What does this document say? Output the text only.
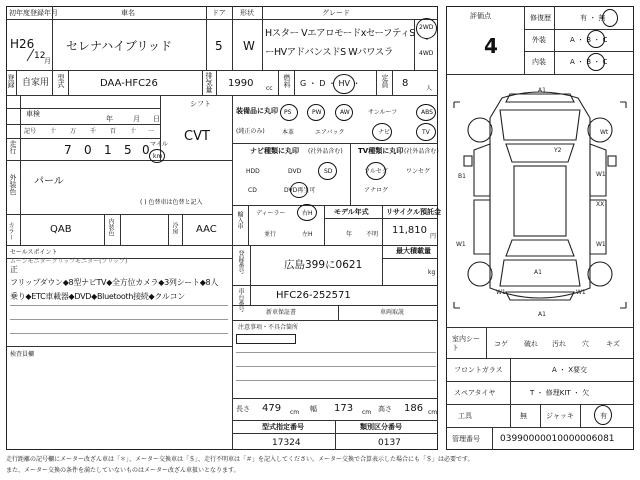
初年度登録年月
H26
12
月
車名
セレナハイブリッド
ドア
5
形状
W
グレード
Hスター VエアロモードⅹセーフティS
ーHVアドバンスドS Wパワスラ
2WD
・
4WD
登録 自家用 型式	DAA-HFC26	排気量 1990 cc
燃料 G ・ D ・ HV ・	定員 8	人
車検
年	月 日
シフト
CVT
走行
記号 十 万 千 百 十 一
7 0 1 5 0 マイル
km
外装色 パール
( ) 色替車は色替と記入
カラー	QAB	内装色	冷房 AAC
セールスポイント
ムーンモニターグリップモニター(ブリップ)
正
フリップダウン◆8型ナビTV◆全方位カメラ◆3列シート◆8人
乗り◆ETC車載器◆DVD◆Bluetooth接続◆クルコン
検査員欄
装備品に丸印
(純正のみ)
PS	PW	AW	サンルーフ	ABS
本革	エアバック	ナビ	TV
ナビ種類に丸印 (社外品含む)
HDD	DVD	SD
CD	DVD再生可
TV種類に丸印 (社外品含む)
フルセグ	ワンセグ
アナログ
輸入車 ディーラー
並行
右H
左H
モデル年式
年 不明
リサイクル預託金
11,810
円
最大積載量
kg
登録番号	広島399に0621
車台番号	HFC26-252571
新車保証書	車両取説
注意事項・不具合箇所
長さ 479 cm 幅 173 cm 高さ 186 cm
型式指定番号
17324
類別区分番号
0137
評価点
4
修復歴	有 ・ 無
外装	A ・ B ・ C
内装	A ・ B ・ C
A1
B1
W1
W1
W1
XX
A1
A1
W1	W1
Y2
Wt
室内シート
コゲ 破れ 汚れ 穴 キズ
フロントガラス	A ・ X要交
スペアタイヤ	T ・ 修理KIT ・ 欠
工具	無	ジャッキ	有
管理番号 03990000010000006081
走行距離の記号欄にメーター改ざん車は「＊」、メーター交換車は「＄」、走行不明車は「＃」を記入してください。メーター交換で合算表示した場合にも「＄」は必要です。
また、メーター交換の条件を満たしていないものはメーター改ざん車扱いとなります。
